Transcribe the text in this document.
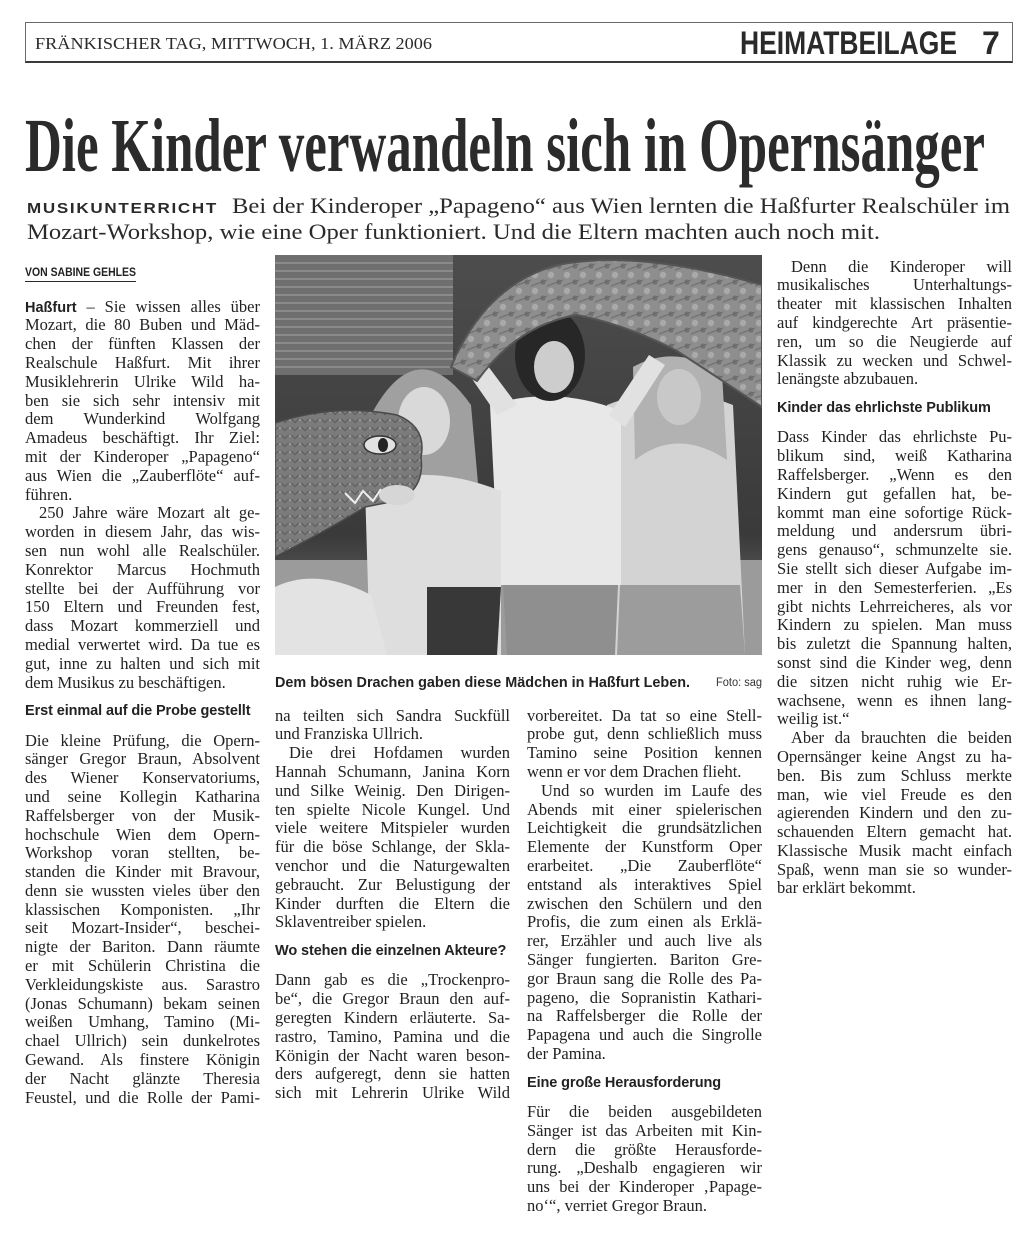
FRÄNKISCHER TAG, MITTWOCH, 1. MÄRZ 2006	HEIMATBEILAGE 7
Die Kinder verwandeln sich in Opernsänger
MUSIKUNTERRICHT Bei der Kinderoper „Papageno“ aus Wien lernten die Haßfurter Realschüler im
Mozart-Workshop, wie eine Oper funktioniert. Und die Eltern machten auch noch mit.
VON SABINE GEHLES
Dem bösen Drachen gaben diese Mädchen in Haßfurt Leben. Foto: sag
Haßfurt – Sie wissen alles über
Mozart, die 80 Buben und Mäd-
chen der fünften Klassen der
Realschule Haßfurt. Mit ihrer
Musiklehrerin Ulrike Wild ha-
ben sie sich sehr intensiv mit
dem Wunderkind Wolfgang
Amadeus beschäftigt. Ihr Ziel:
mit der Kinderoper „Papageno“
aus Wien die „Zauberflöte“ auf-
führen.
250 Jahre wäre Mozart alt ge-
worden in diesem Jahr, das wis-
sen nun wohl alle Realschüler.
Konrektor Marcus Hochmuth
stellte bei der Aufführung vor
150 Eltern und Freunden fest,
dass Mozart kommerziell und
medial verwertet wird. Da tue es
gut, inne zu halten und sich mit
dem Musikus zu beschäftigen.
Erst einmal auf die Probe gestellt
Die kleine Prüfung, die Opern-
sänger Gregor Braun, Absolvent
des Wiener Konservatoriums,
und seine Kollegin Katharina
Raffelsberger von der Musik-
hochschule Wien dem Opern-
Workshop voran stellten, be-
standen die Kinder mit Bravour,
denn sie wussten vieles über den
klassischen Komponisten. „Ihr
seit Mozart-Insider“, beschei-
nigte der Bariton. Dann räumte
er mit Schülerin Christina die
Verkleidungskiste aus. Sarastro
(Jonas Schumann) bekam seinen
weißen Umhang, Tamino (Mi-
chael Ullrich) sein dunkelrotes
Gewand. Als finstere Königin
der Nacht glänzte Theresia
Feustel, und die Rolle der Pami-
na teilten sich Sandra Suckfüll
und Franziska Ullrich.
Die drei Hofdamen wurden
Hannah Schumann, Janina Korn
und Silke Weinig. Den Dirigen-
ten spielte Nicole Kungel. Und
viele weitere Mitspieler wurden
für die böse Schlange, der Skla-
venchor und die Naturgewalten
gebraucht. Zur Belustigung der
Kinder durften die Eltern die
Sklaventreiber spielen.
Wo stehen die einzelnen Akteure?
Dann gab es die „Trockenpro-
be“, die Gregor Braun den auf-
geregten Kindern erläuterte. Sa-
rastro, Tamino, Pamina und die
Königin der Nacht waren beson-
ders aufgeregt, denn sie hatten
sich mit Lehrerin Ulrike Wild
vorbereitet. Da tat so eine Stell-
probe gut, denn schließlich muss
Tamino seine Position kennen
wenn er vor dem Drachen flieht.
Und so wurden im Laufe des
Abends mit einer spielerischen
Leichtigkeit die grundsätzlichen
Elemente der Kunstform Oper
erarbeitet. „Die Zauberflöte“
entstand als interaktives Spiel
zwischen den Schülern und den
Profis, die zum einen als Erklä-
rer, Erzähler und auch live als
Sänger fungierten. Bariton Gre-
gor Braun sang die Rolle des Pa-
pageno, die Sopranistin Kathari-
na Raffelsberger die Rolle der
Papagena und auch die Singrolle
der Pamina.
Eine große Herausforderung
Für die beiden ausgebildeten
Sänger ist das Arbeiten mit Kin-
dern die größte Herausforde-
rung. „Deshalb engagieren wir
uns bei der Kinderoper ‚Papage-
no‘“, verriet Gregor Braun.
Denn die Kinderoper will
musikalisches Unterhaltungs-
theater mit klassischen Inhalten
auf kindgerechte Art präsentie-
ren, um so die Neugierde auf
Klassik zu wecken und Schwel-
lenängste abzubauen.
Kinder das ehrlichste Publikum
Dass Kinder das ehrlichste Pu-
blikum sind, weiß Katharina
Raffelsberger. „Wenn es den
Kindern gut gefallen hat, be-
kommt man eine sofortige Rück-
meldung und andersrum übri-
gens genauso“, schmunzelte sie.
Sie stellt sich dieser Aufgabe im-
mer in den Semesterferien. „Es
gibt nichts Lehrreicheres, als vor
Kindern zu spielen. Man muss
bis zuletzt die Spannung halten,
sonst sind die Kinder weg, denn
die sitzen nicht ruhig wie Er-
wachsene, wenn es ihnen lang-
weilig ist.“
Aber da brauchten die beiden
Opernsänger keine Angst zu ha-
ben. Bis zum Schluss merkte
man, wie viel Freude es den
agierenden Kindern und den zu-
schauenden Eltern gemacht hat.
Klassische Musik macht einfach
Spaß, wenn man sie so wunder-
bar erklärt bekommt.
